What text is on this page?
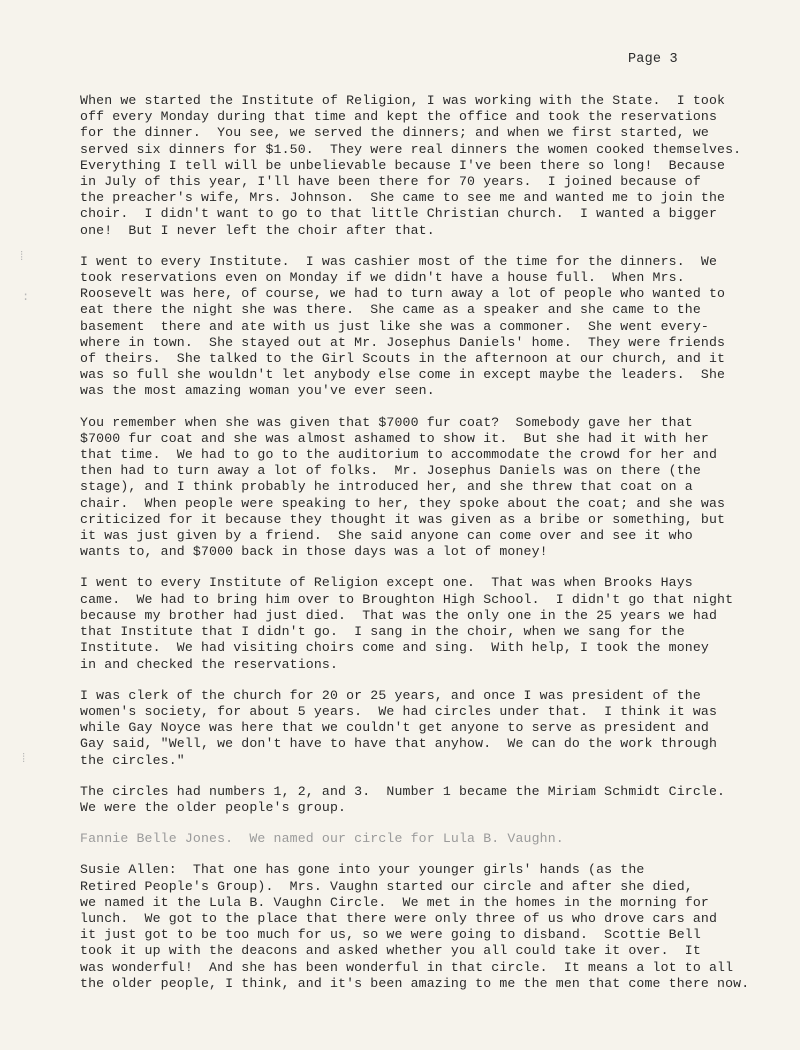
Page 3
⁞
:
⁞
When we started the Institute of Religion, I was working with the State.  I took
off every Monday during that time and kept the office and took the reservations
for the dinner.  You see, we served the dinners; and when we first started, we
served six dinners for $1.50.  They were real dinners the women cooked themselves.
Everything I tell will be unbelievable because I've been there so long!  Because
in July of this year, I'll have been there for 70 years.  I joined because of
the preacher's wife, Mrs. Johnson.  She came to see me and wanted me to join the
choir.  I didn't want to go to that little Christian church.  I wanted a bigger
one!  But I never left the choir after that.
I went to every Institute.  I was cashier most of the time for the dinners.  We
took reservations even on Monday if we didn't have a house full.  When Mrs.
Roosevelt was here, of course, we had to turn away a lot of people who wanted to
eat there the night she was there.  She came as a speaker and she came to the
basement  there and ate with us just like she was a commoner.  She went every-
where in town.  She stayed out at Mr. Josephus Daniels' home.  They were friends
of theirs.  She talked to the Girl Scouts in the afternoon at our church, and it
was so full she wouldn't let anybody else come in except maybe the leaders.  She
was the most amazing woman you've ever seen.
You remember when she was given that $7000 fur coat?  Somebody gave her that
$7000 fur coat and she was almost ashamed to show it.  But she had it with her
that time.  We had to go to the auditorium to accommodate the crowd for her and
then had to turn away a lot of folks.  Mr. Josephus Daniels was on there (the
stage), and I think probably he introduced her, and she threw that coat on a
chair.  When people were speaking to her, they spoke about the coat; and she was
criticized for it because they thought it was given as a bribe or something, but
it was just given by a friend.  She said anyone can come over and see it who
wants to, and $7000 back in those days was a lot of money!
I went to every Institute of Religion except one.  That was when Brooks Hays
came.  We had to bring him over to Broughton High School.  I didn't go that night
because my brother had just died.  That was the only one in the 25 years we had
that Institute that I didn't go.  I sang in the choir, when we sang for the
Institute.  We had visiting choirs come and sing.  With help, I took the money
in and checked the reservations.
I was clerk of the church for 20 or 25 years, and once I was president of the
women's society, for about 5 years.  We had circles under that.  I think it was
while Gay Noyce was here that we couldn't get anyone to serve as president and
Gay said, "Well, we don't have to have that anyhow.  We can do the work through
the circles."
The circles had numbers 1, 2, and 3.  Number 1 became the Miriam Schmidt Circle.
We were the older people's group.
Fannie Belle Jones.  We named our circle for Lula B. Vaughn.
Susie Allen:  That one has gone into your younger girls' hands (as the
Retired People's Group).  Mrs. Vaughn started our circle and after she died,
we named it the Lula B. Vaughn Circle.  We met in the homes in the morning for
lunch.  We got to the place that there were only three of us who drove cars and
it just got to be too much for us, so we were going to disband.  Scottie Bell
took it up with the deacons and asked whether you all could take it over.  It
was wonderful!  And she has been wonderful in that circle.  It means a lot to all
the older people, I think, and it's been amazing to me the men that come there now.
